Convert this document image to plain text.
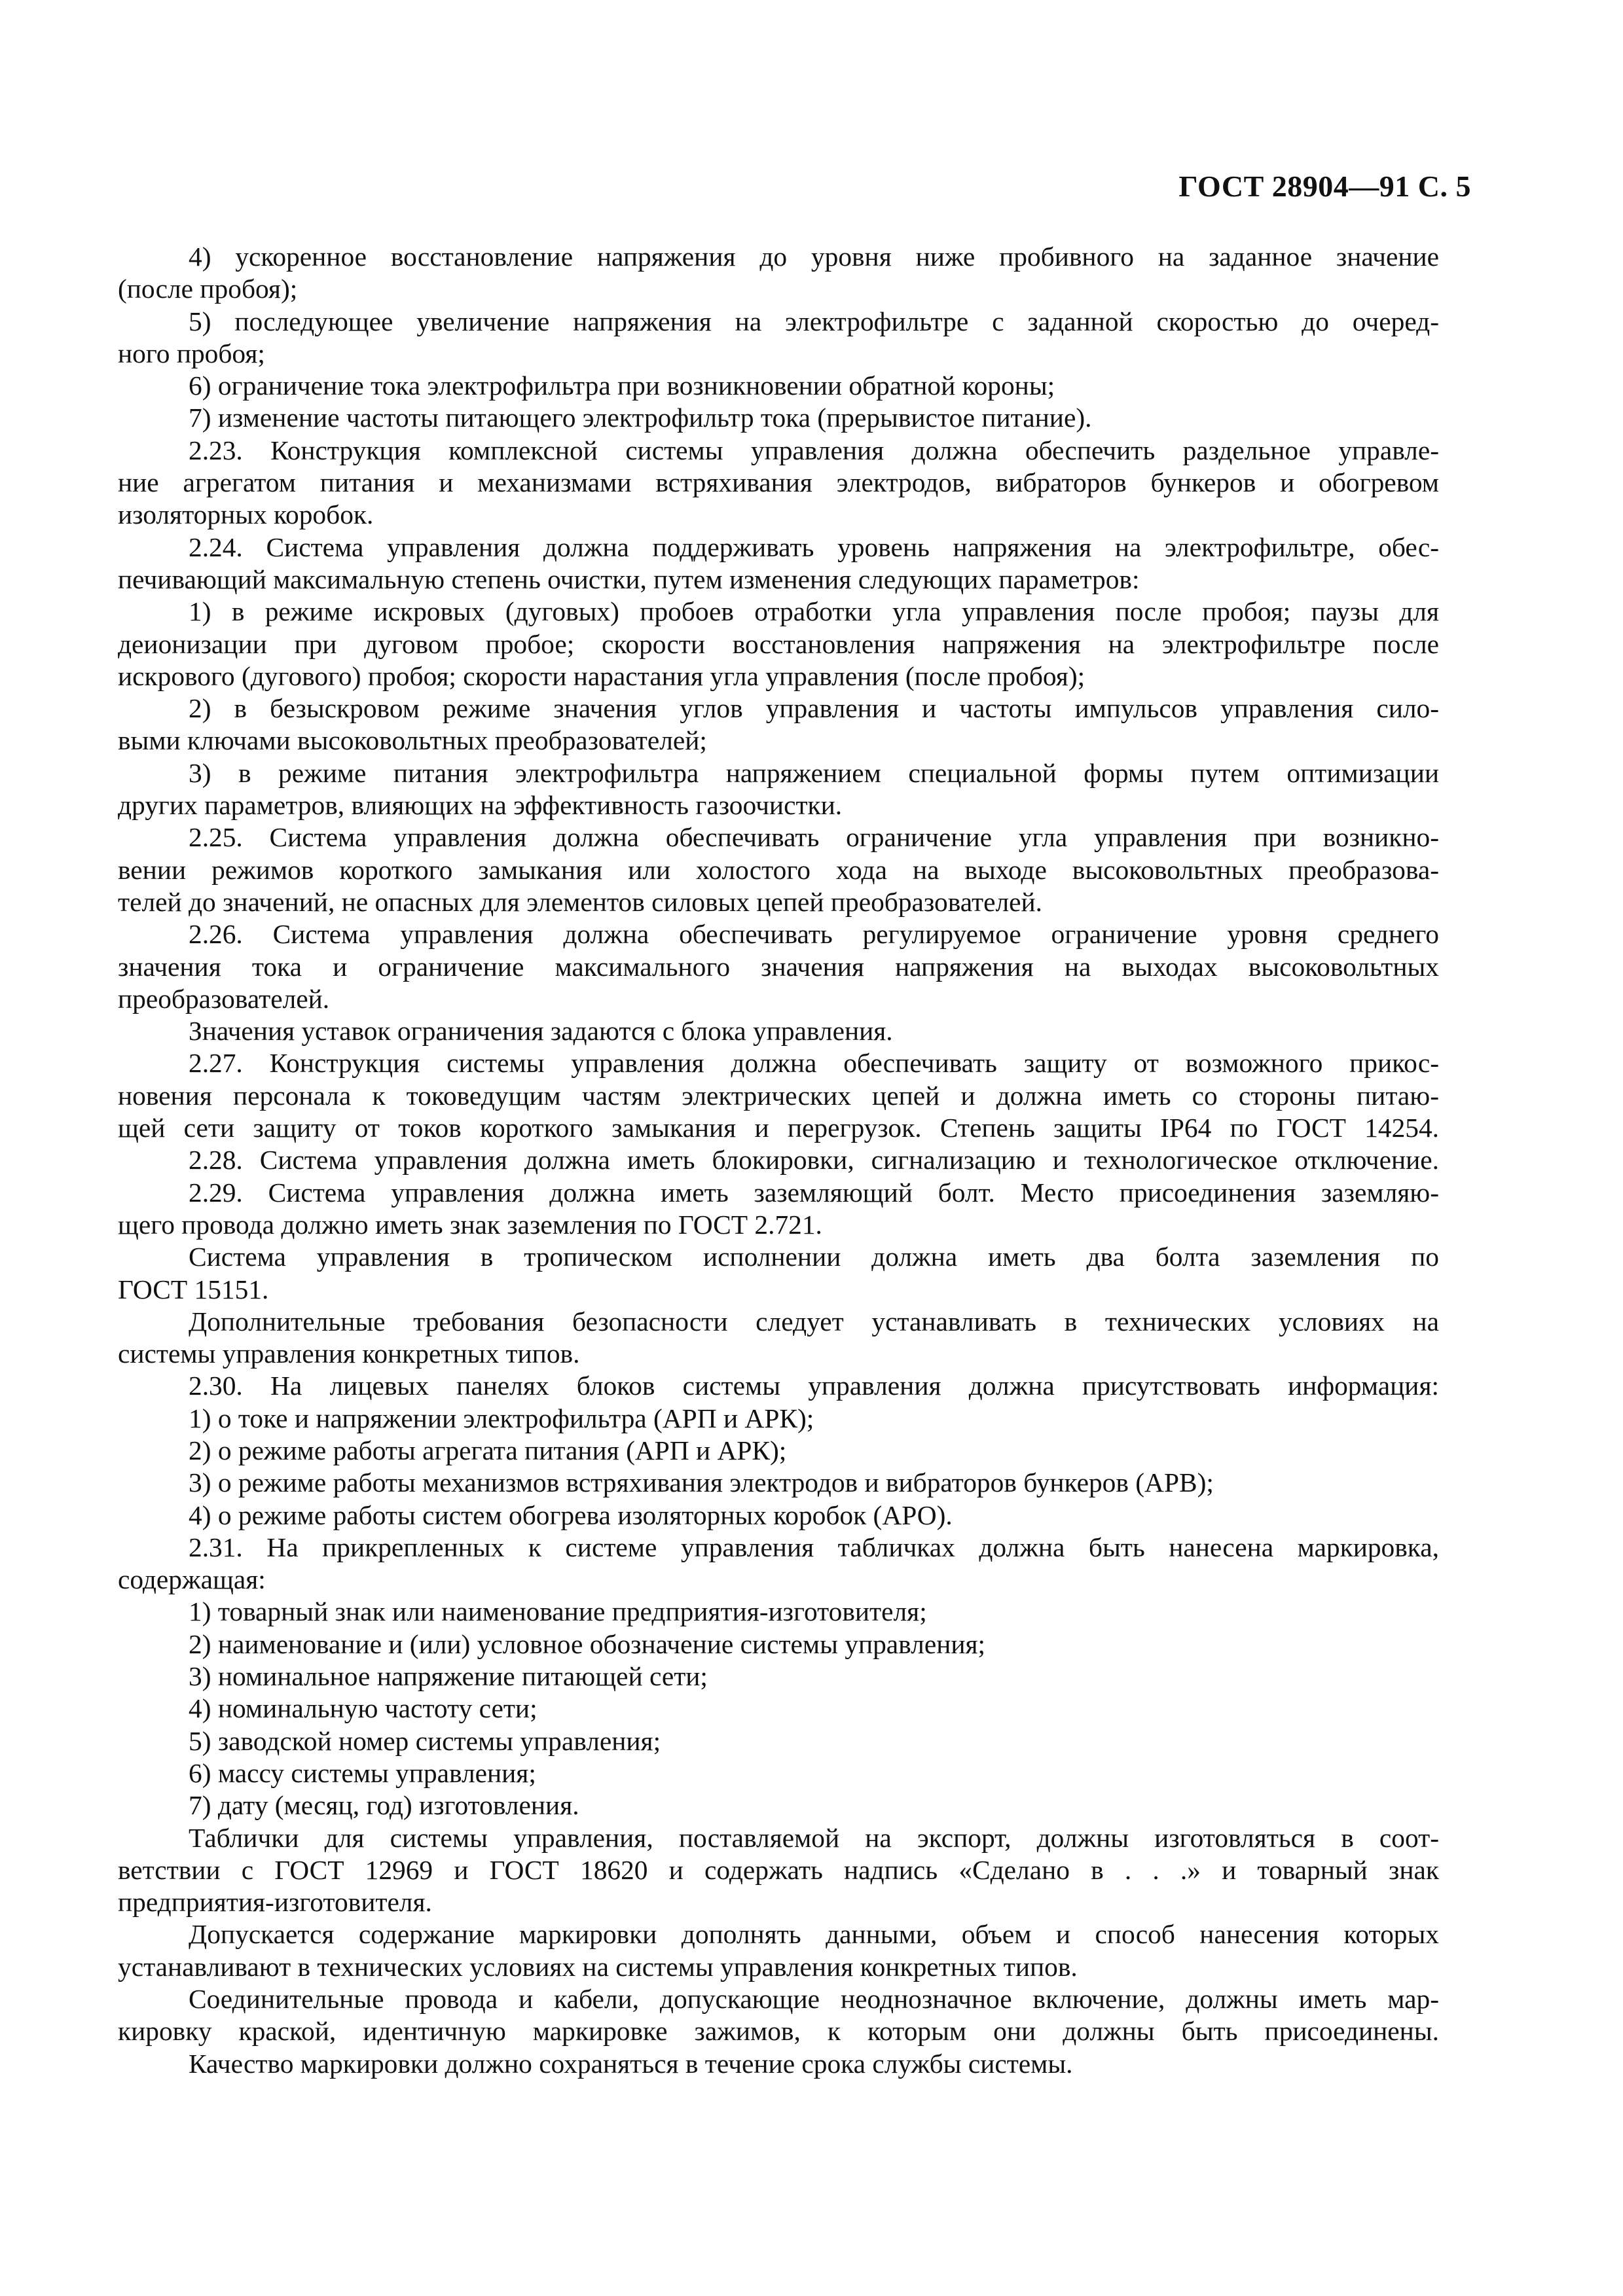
ГОСТ 28904—91 С. 5
4) ускоренное восстановление напряжения до уровня ниже пробивного на заданное значение
(после пробоя);
5) последующее увеличение напряжения на электрофильтре с заданной скоростью до очеред-
ного пробоя;
6) ограничение тока электрофильтра при возникновении обратной короны;
7) изменение частоты питающего электрофильтр тока (прерывистое питание).
2.23. Конструкция комплексной системы управления должна обеспечить раздельное управле-
ние агрегатом питания и механизмами встряхивания электродов, вибраторов бункеров и обогревом
изоляторных коробок.
2.24. Система управления должна поддерживать уровень напряжения на электрофильтре, обес-
печивающий максимальную степень очистки, путем изменения следующих параметров:
1) в режиме искровых (дуговых) пробоев отработки угла управления после пробоя; паузы для
деионизации при дуговом пробое; скорости восстановления напряжения на электрофильтре после
искрового (дугового) пробоя; скорости нарастания угла управления (после пробоя);
2) в безыскровом режиме значения углов управления и частоты импульсов управления сило-
выми ключами высоковольтных преобразователей;
3) в режиме питания электрофильтра напряжением специальной формы путем оптимизации
других параметров, влияющих на эффективность газоочистки.
2.25. Система управления должна обеспечивать ограничение угла управления при возникно-
вении режимов короткого замыкания или холостого хода на выходе высоковольтных преобразова-
телей до значений, не опасных для элементов силовых цепей преобразователей.
2.26. Система управления должна обеспечивать регулируемое ограничение уровня среднего
значения тока и ограничение максимального значения напряжения на выходах высоковольтных
преобразователей.
Значения уставок ограничения задаются с блока управления.
2.27. Конструкция системы управления должна обеспечивать защиту от возможного прикос-
новения персонала к токоведущим частям электрических цепей и должна иметь со стороны питаю-
щей сети защиту от токов короткого замыкания и перегрузок. Степень защиты IP64 по ГОСТ 14254.
2.28. Система управления должна иметь блокировки, сигнализацию и технологическое отключение.
2.29. Система управления должна иметь заземляющий болт. Место присоединения заземляю-
щего провода должно иметь знак заземления по ГОСТ 2.721.
Система управления в тропическом исполнении должна иметь два болта заземления по
ГОСТ 15151.
Дополнительные требования безопасности следует устанавливать в технических условиях на
системы управления конкретных типов.
2.30. На лицевых панелях блоков системы управления должна присутствовать информация:
1) о токе и напряжении электрофильтра (АРП и АРК);
2) о режиме работы агрегата питания (АРП и АРК);
3) о режиме работы механизмов встряхивания электродов и вибраторов бункеров (АРВ);
4) о режиме работы систем обогрева изоляторных коробок (АРО).
2.31. На прикрепленных к системе управления табличках должна быть нанесена маркировка,
содержащая:
1) товарный знак или наименование предприятия-изготовителя;
2) наименование и (или) условное обозначение системы управления;
3) номинальное напряжение питающей сети;
4) номинальную частоту сети;
5) заводской номер системы управления;
6) массу системы управления;
7) дату (месяц, год) изготовления.
Таблички для системы управления, поставляемой на экспорт, должны изготовляться в соот-
ветствии с ГОСТ 12969 и ГОСТ 18620 и содержать надпись «Сделано в . . .» и товарный знак
предприятия-изготовителя.
Допускается содержание маркировки дополнять данными, объем и способ нанесения которых
устанавливают в технических условиях на системы управления конкретных типов.
Соединительные провода и кабели, допускающие неоднозначное включение, должны иметь мар-
кировку краской, идентичную маркировке зажимов, к которым они должны быть присоединены.
Качество маркировки должно сохраняться в течение срока службы системы.
